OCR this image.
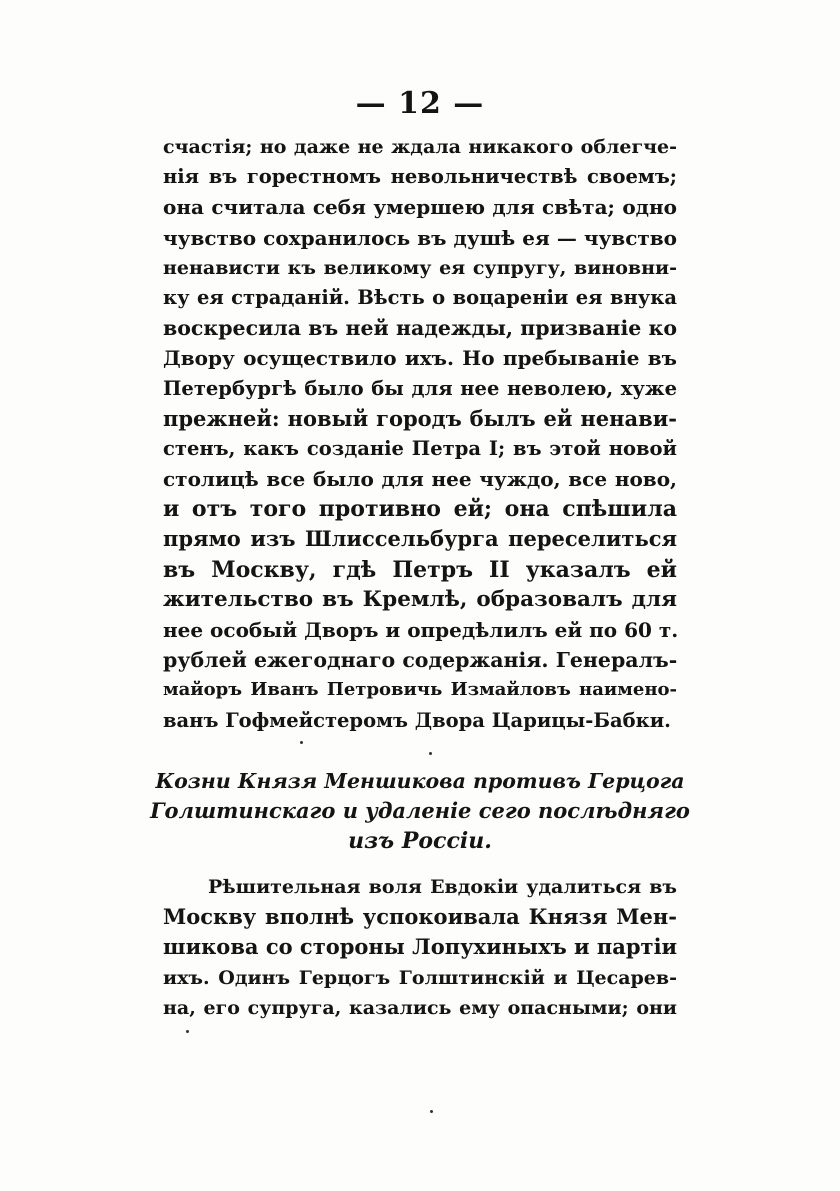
— 12 —
счастія; но даже не ждала никакого облегче-
нія въ горестномъ невольничествѣ своемъ;
она считала себя умершею для свѣта; одно
чувство сохранилось въ душѣ ея — чувство
ненависти къ великому ея супругу, виновни-
ку ея страданій. Вѣсть о воцареніи ея внука
воскресила въ ней надежды, призваніе ко
Двору осуществило ихъ. Но пребываніе въ
Петербургѣ было бы для нее неволею, хуже
прежней: новый городъ былъ ей ненави-
стенъ, какъ созданіе Петра I; въ этой новой
столицѣ все было для нее чуждо, все ново,
и отъ того противно ей; она спѣшила
прямо изъ Шлиссельбурга переселиться
въ Москву, гдѣ Петръ II указалъ ей
жительство въ Кремлѣ, образовалъ для
нее особый Дворъ и опредѣлилъ ей по 60 т.
рублей ежегоднаго содержанія. Генералъ-
майоръ Иванъ Петровичь Измайловъ наимено-
ванъ Гофмейстеромъ Двора Царицы-Бабки.
Козни Князя Меншикова противъ Герцога
Голштинскаго и удаленіе сего послѣдняго
изъ Россіи.
Рѣшительная воля Евдокіи удалиться въ
Москву вполнѣ успокоивала Князя Мен-
шикова со стороны Лопухиныхъ и партіи
ихъ. Одинъ Герцогъ Голштинскій и Цесарев-
на, его супруга, казались ему опасными; они
